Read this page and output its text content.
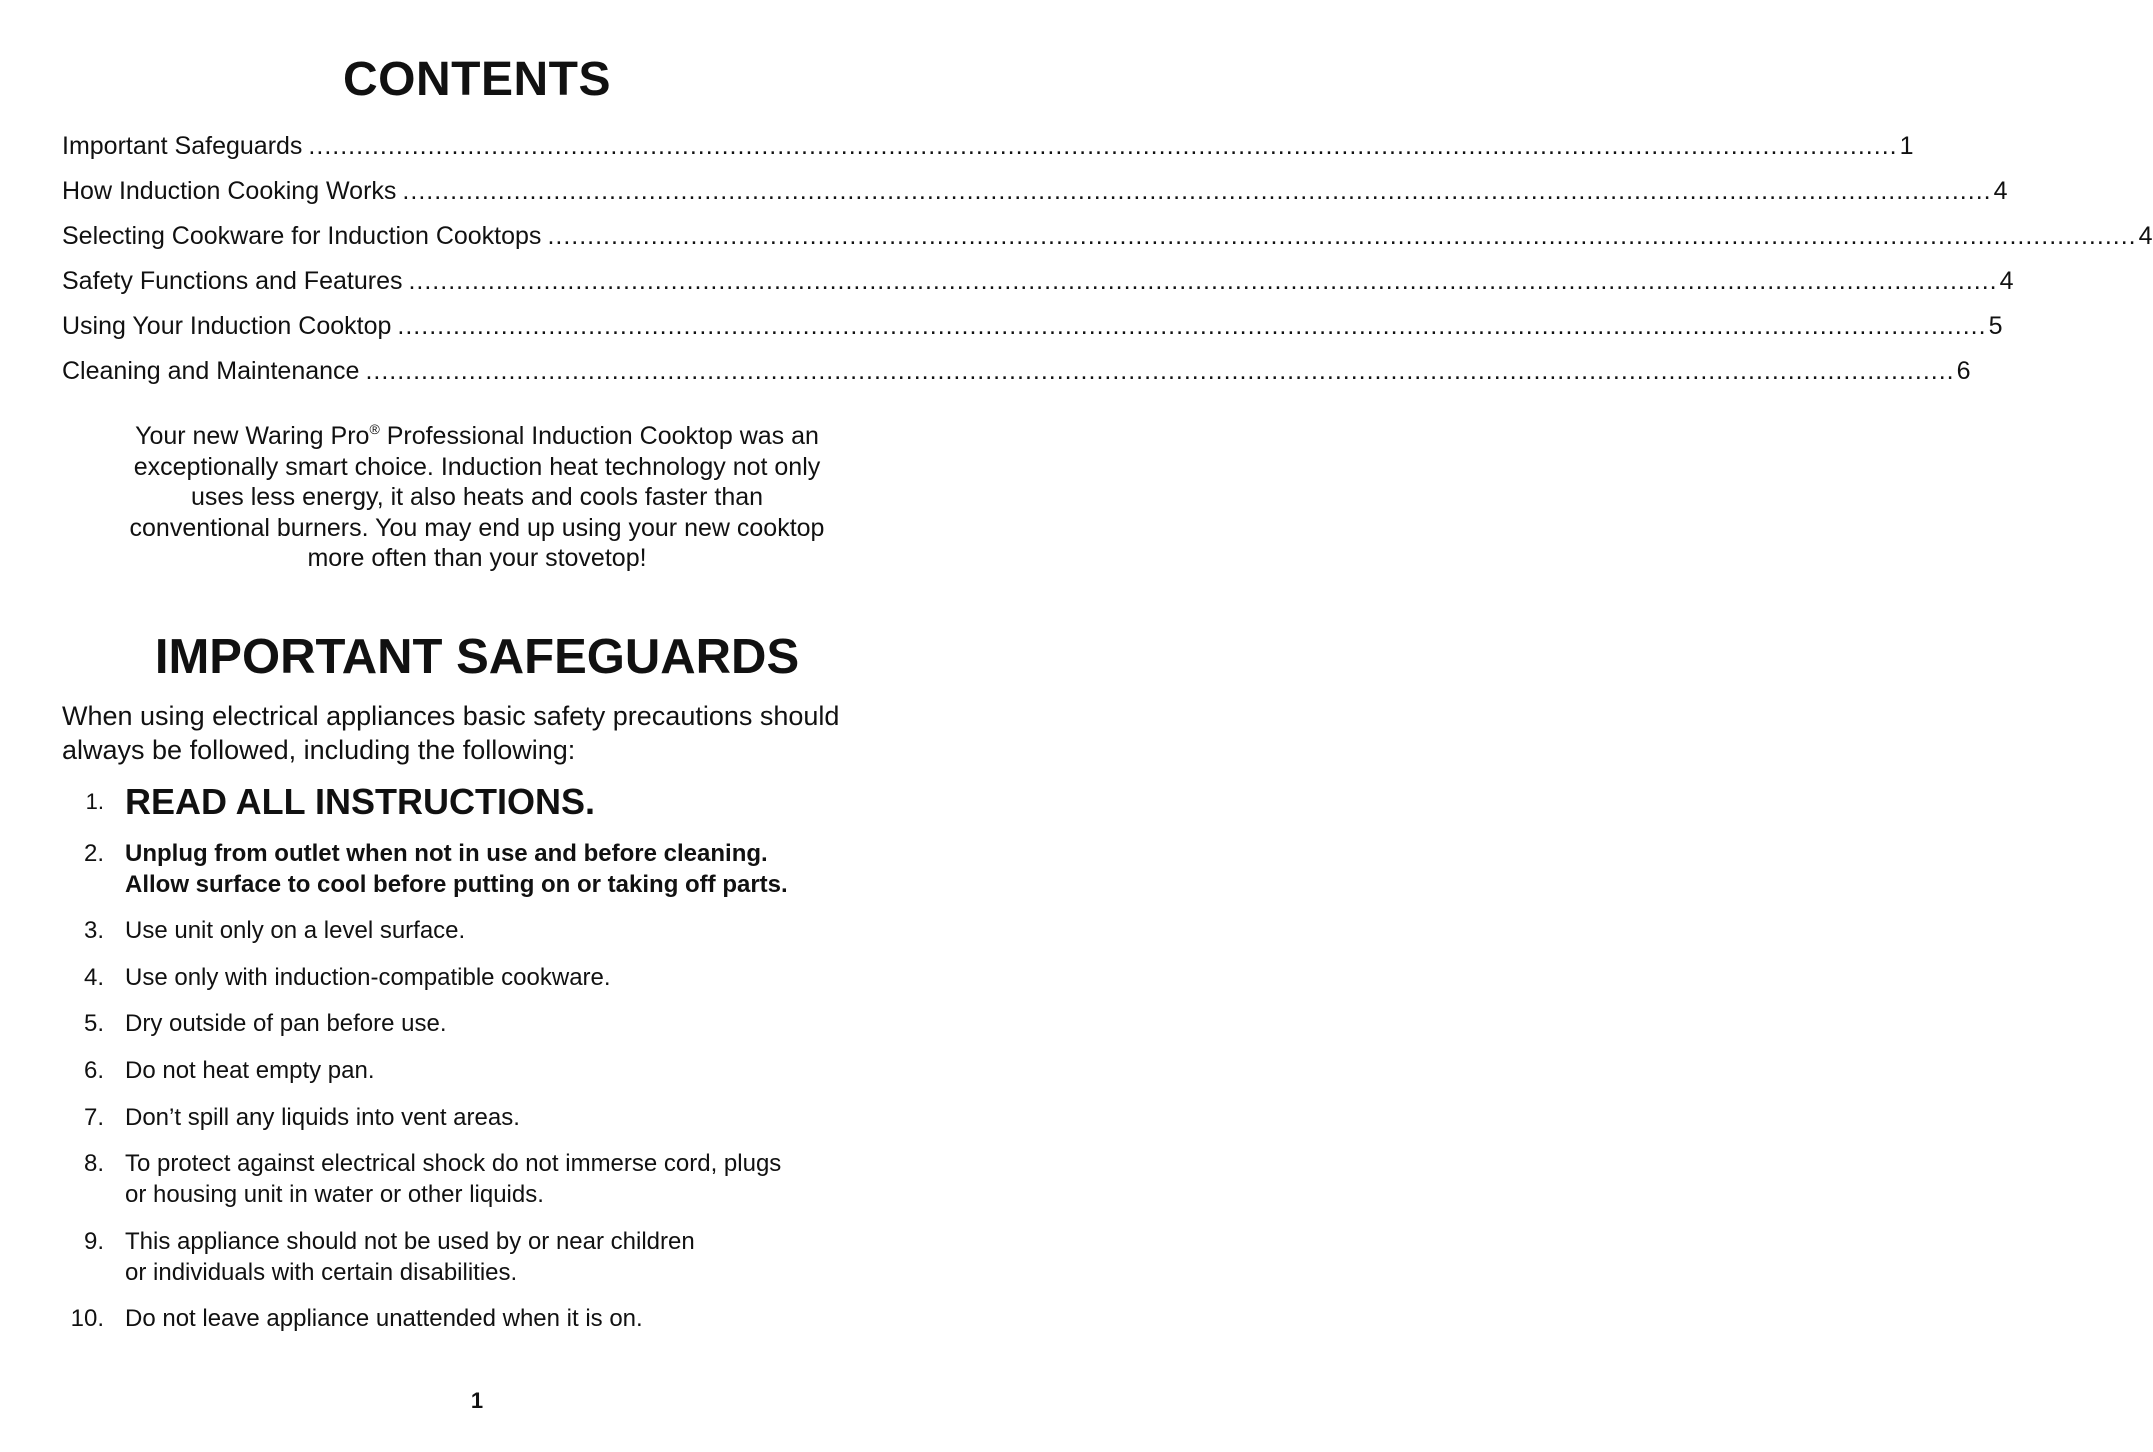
CONTENTS
Important Safeguards ........................................................................................................................................................................................................ 1
How Induction Cooking Works ........................................................................................................................................................................................................ 4
Selecting Cookware for Induction Cooktops ........................................................................................................................................................................................................ 4
Safety Functions and Features ........................................................................................................................................................................................................ 4
Using Your Induction Cooktop ........................................................................................................................................................................................................ 5
Cleaning and Maintenance ........................................................................................................................................................................................................ 6
Your new Waring Pro® Professional Induction Cooktop was an exceptionally smart choice. Induction heat technology not only uses less energy, it also heats and cools faster than conventional burners. You may end up using your new cooktop more often than your stovetop!
IMPORTANT SAFEGUARDS
When using electrical appliances basic safety precautions should always be followed, including the following:
1. READ ALL INSTRUCTIONS.
2. Unplug from outlet when not in use and before cleaning.
Allow surface to cool before putting on or taking off parts.
3. Use unit only on a level surface.
4. Use only with induction-compatible cookware.
5. Dry outside of pan before use.
6. Do not heat empty pan.
7. Don’t spill any liquids into vent areas.
8. To protect against electrical shock do not immerse cord, plugs
or housing unit in water or other liquids.
9. This appliance should not be used by or near children
or individuals with certain disabilities.
10. Do not leave appliance unattended when it is on.
1
